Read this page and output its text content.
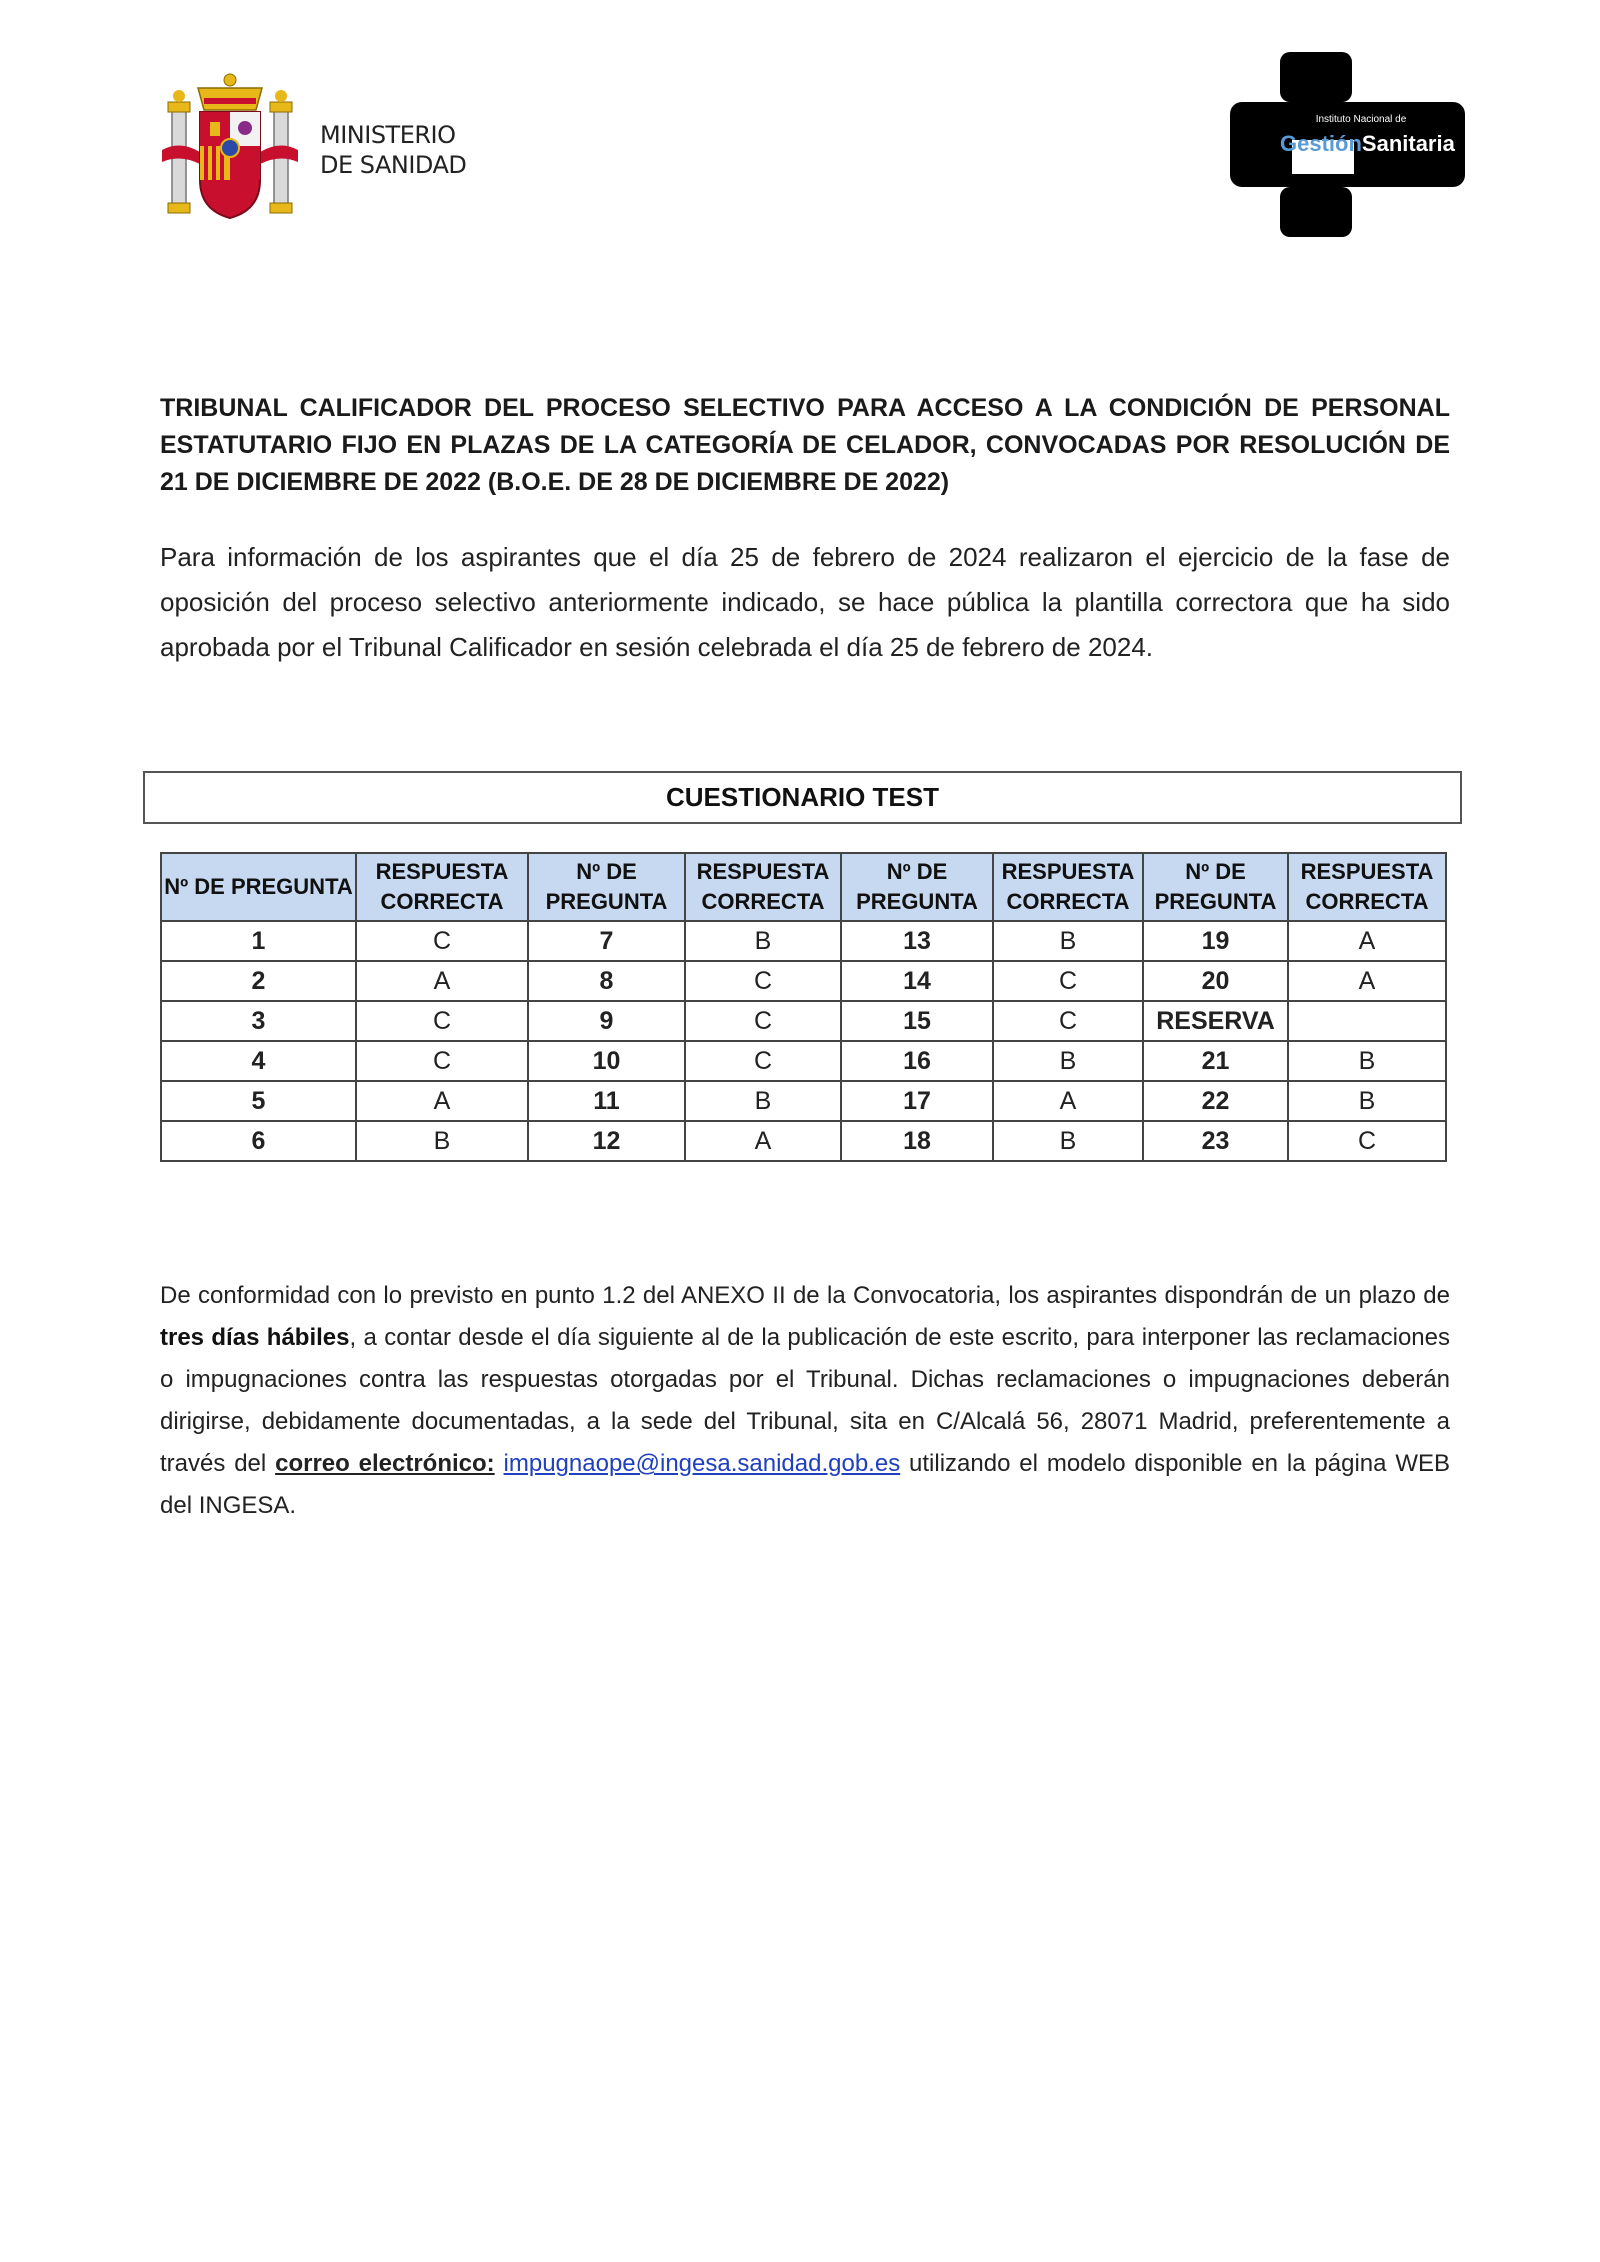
MINISTERIO
DE SANIDAD
Instituto Nacional de
GestiónSanitaria
TRIBUNAL CALIFICADOR DEL PROCESO SELECTIVO PARA ACCESO A LA CONDICIÓN DE PERSONAL ESTATUTARIO FIJO EN PLAZAS DE LA CATEGORÍA DE CELADOR, CONVOCADAS POR RESOLUCIÓN DE 21 DE DICIEMBRE DE 2022 (B.O.E. DE 28 DE DICIEMBRE DE 2022)
Para información de los aspirantes que el día 25 de febrero de 2024 realizaron el ejercicio de la fase de oposición del proceso selectivo anteriormente indicado, se hace pública la plantilla correctora que ha sido aprobada por el Tribunal Calificador en sesión celebrada el día 25 de febrero de 2024.
CUESTIONARIO TEST
Nº DE PREGUNTA	RESPUESTA CORRECTA	Nº DE PREGUNTA	RESPUESTA CORRECTA	Nº DE PREGUNTA	RESPUESTA CORRECTA	Nº DE PREGUNTA	RESPUESTA CORRECTA
1	C	7	B	13	B	19	A
2	A	8	C	14	C	20	A
3	C	9	C	15	C	RESERVA	
4	C	10	C	16	B	21	B
5	A	11	B	17	A	22	B
6	B	12	A	18	B	23	C
De conformidad con lo previsto en punto 1.2 del ANEXO II de la Convocatoria, los aspirantes dispondrán de un plazo de tres días hábiles, a contar desde el día siguiente al de la publicación de este escrito, para interponer las reclamaciones o impugnaciones contra las respuestas otorgadas por el Tribunal. Dichas reclamaciones o impugnaciones deberán dirigirse, debidamente documentadas, a la sede del Tribunal, sita en C/Alcalá 56, 28071 Madrid, preferentemente a través del correo electrónico: impugnaope@ingesa.sanidad.gob.es utilizando el modelo disponible en la página WEB del INGESA.
